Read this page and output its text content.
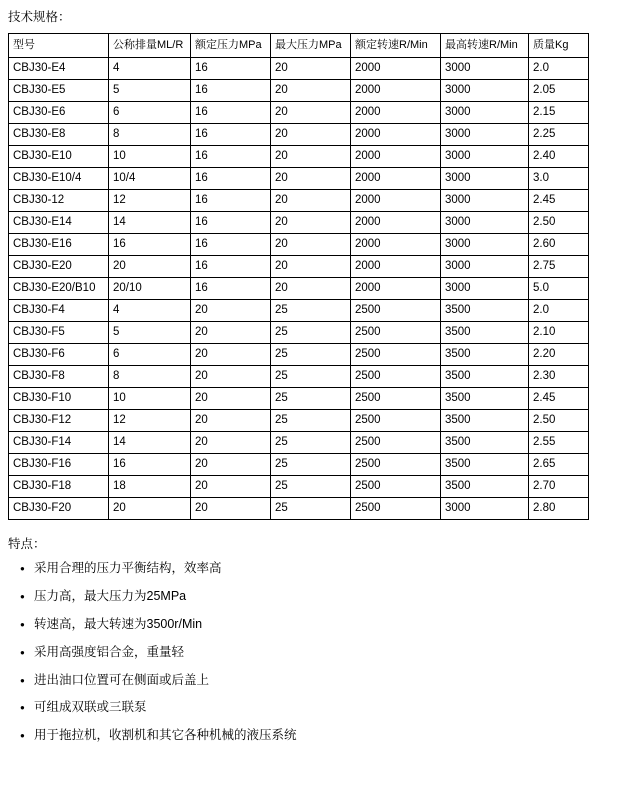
技术规格：
型号	公称排量ML/R	额定压力MPa	最大压力MPa	额定转速R/Min	最高转速R/Min	质量Kg
CBJ30-E4	4	16	20	2000	3000	2.0
CBJ30-E5	5	16	20	2000	3000	2.05
CBJ30-E6	6	16	20	2000	3000	2.15
CBJ30-E8	8	16	20	2000	3000	2.25
CBJ30-E10	10	16	20	2000	3000	2.40
CBJ30-E10/4	10/4	16	20	2000	3000	3.0
CBJ30-12	12	16	20	2000	3000	2.45
CBJ30-E14	14	16	20	2000	3000	2.50
CBJ30-E16	16	16	20	2000	3000	2.60
CBJ30-E20	20	16	20	2000	3000	2.75
CBJ30-E20/B10	20/10	16	20	2000	3000	5.0
CBJ30-F4	4	20	25	2500	3500	2.0
CBJ30-F5	5	20	25	2500	3500	2.10
CBJ30-F6	6	20	25	2500	3500	2.20
CBJ30-F8	8	20	25	2500	3500	2.30
CBJ30-F10	10	20	25	2500	3500	2.45
CBJ30-F12	12	20	25	2500	3500	2.50
CBJ30-F14	14	20	25	2500	3500	2.55
CBJ30-F16	16	20	25	2500	3500	2.65
CBJ30-F18	18	20	25	2500	3500	2.70
CBJ30-F20	20	20	25	2500	3000	2.80
特点：
● 采用合理的压力平衡结构，效率高
● 压力高，最大压力为25MPa
● 转速高，最大转速为3500r/Min
● 采用高强度铝合金，重量轻
● 进出油口位置可在侧面或后盖上
● 可组成双联或三联泵
● 用于拖拉机，收割机和其它各种机械的液压系统
